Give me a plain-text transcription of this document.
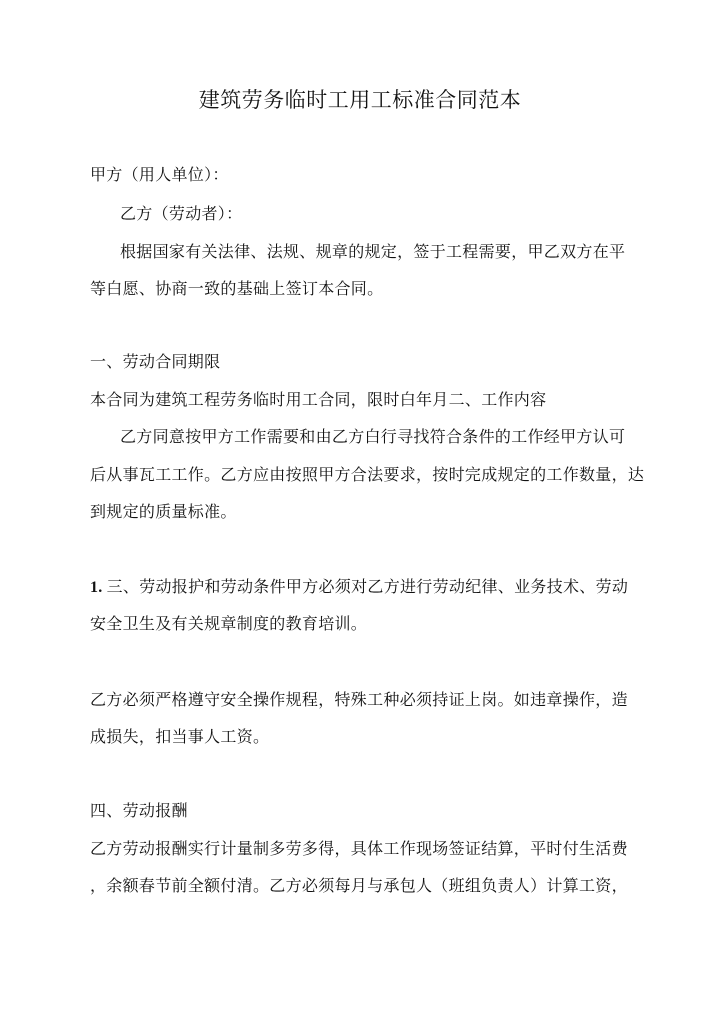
建筑劳务临时工用工标准合同范本
甲方（用人单位）：
乙方（劳动者）：
根据国家有关法律、法规、规章的规定，签于工程需要，甲乙双方在平
等白愿、协商一致的基础上签订本合同。
一、劳动合同期限
本合同为建筑工程劳务临时用工合同，限时白年月二、工作内容
乙方同意按甲方工作需要和由乙方白行寻找符合条件的工作经甲方认可
后从事瓦工工作。乙方应由按照甲方合法要求，按时完成规定的工作数量，达
到规定的质量标准。
1. 三、劳动报护和劳动条件甲方必须对乙方进行劳动纪律、业务技术、劳动
安全卫生及有关规章制度的教育培训。
乙方必须严格遵守安全操作规程，特殊工种必须持证上岗。如违章操作，造
成损失，扣当事人工资。
四、劳动报酬
乙方劳动报酬实行计量制多劳多得，具体工作现场签证结算，平时付生活费
，余额春节前全额付清。乙方必须每月与承包人（班组负责人）计算工资，
